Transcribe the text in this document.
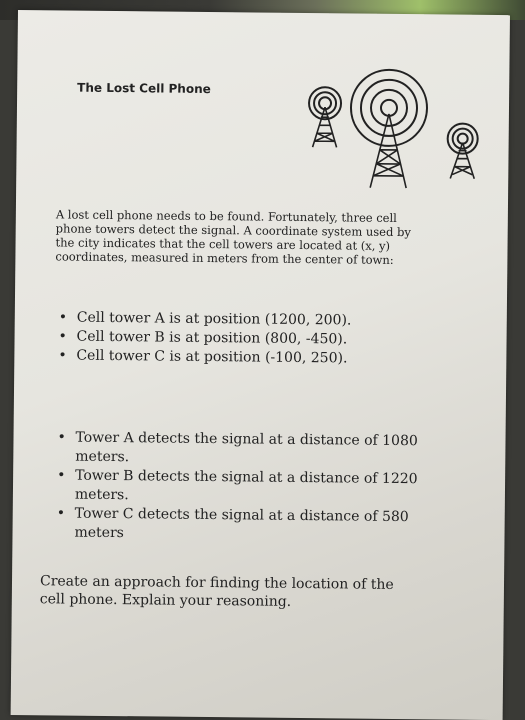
The Lost Cell Phone
A lost cell phone needs to be found. Fortunately, three cell phone towers detect the signal. A coordinate system used by the city indicates that the cell towers are located at (x, y) coordinates, measured in meters from the center of town:
• Cell tower A is at position (1200, 200).
• Cell tower B is at position (800, -450).
• Cell tower C is at position (-100, 250).
• Tower A detects the signal at a distance of 1080 meters.
• Tower B detects the signal at a distance of 1220 meters.
• Tower C detects the signal at a distance of 580 meters
Create an approach for finding the location of the cell phone. Explain your reasoning.
